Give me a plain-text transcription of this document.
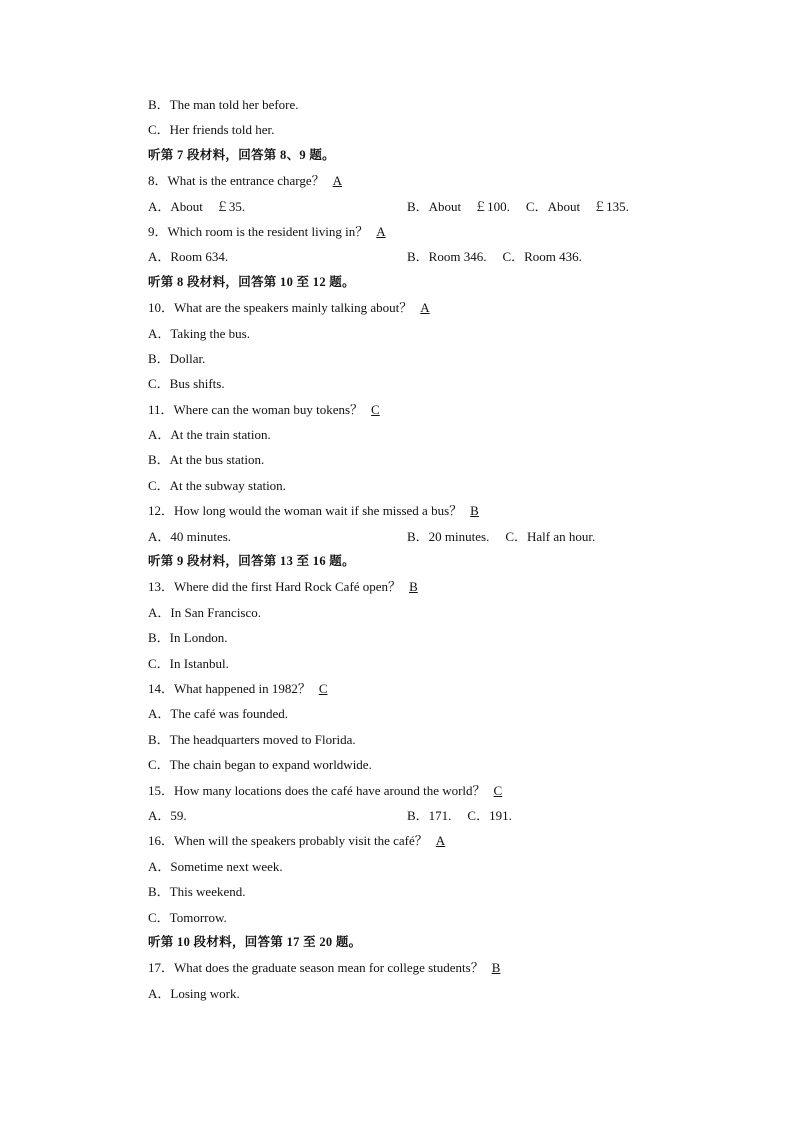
B．The man told her before.
C．Her friends told her.
听第 7 段材料，回答第 8、9 题。
8．What is the entrance charge？ A
A．About　￡35.	B．About　￡100. C．About　￡135.
9．Which room is the resident living in？ A
A．Room 634.	B．Room 346. C．Room 436.
听第 8 段材料，回答第 10 至 12 题。
10．What are the speakers mainly talking about？ A
A．Taking the bus.
B．Dollar.
C．Bus shifts.
11．Where can the woman buy tokens？ C
A．At the train station.
B．At the bus station.
C．At the subway station.
12．How long would the woman wait if she missed a bus？ B
A．40 minutes.	B．20 minutes. C．Half an hour.
听第 9 段材料，回答第 13 至 16 题。
13．Where did the first Hard Rock Café open？ B
A．In San Francisco.
B．In London.
C．In Istanbul.
14．What happened in 1982？ C
A．The café was founded.
B．The headquarters moved to Florida.
C．The chain began to expand worldwide.
15．How many locations does the café have around the world？ C
A．59.	B．171. C．191.
16．When will the speakers probably visit the café？ A
A．Sometime next week.
B．This weekend.
C．Tomorrow.
听第 10 段材料，回答第 17 至 20 题。
17．What does the graduate season mean for college students？ B
A．Losing work.
